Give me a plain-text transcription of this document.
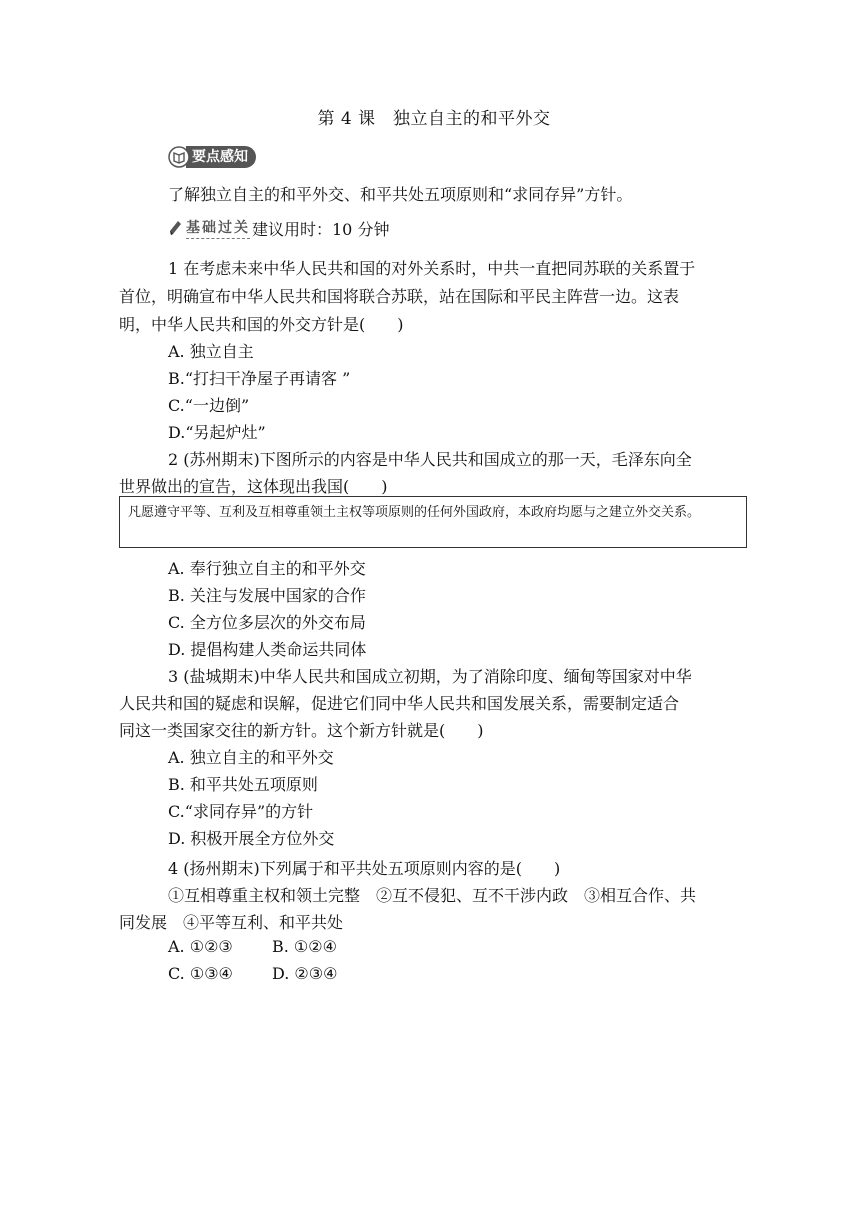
第 4 课　独立自主的和平外交
要点感知
了解独立自主的和平外交、和平共处五项原则和“求同存异”方针。
基础过关 建议用时：10 分钟
1 在考虑未来中华人民共和国的对外关系时，中共一直把同苏联的关系置于
首位，明确宣布中华人民共和国将联合苏联，站在国际和平民主阵营一边。这表
明，中华人民共和国的外交方针是(　　)
A. 独立自主
B.“打扫干净屋子再请客 ”
C.“一边倒”
D.“另起炉灶”
2 (苏州期末)下图所示的内容是中华人民共和国成立的那一天，毛泽东向全
世界做出的宣告，这体现出我国(　　)
凡愿遵守平等、互利及互相尊重领土主权等项原则的任何外国政府，本政府均愿与之建立外交关系。
A. 奉行独立自主的和平外交
B. 关注与发展中国家的合作
C. 全方位多层次的外交布局
D. 提倡构建人类命运共同体
3 (盐城期末)中华人民共和国成立初期，为了消除印度、缅甸等国家对中华
人民共和国的疑虑和误解，促进它们同中华人民共和国发展关系，需要制定适合
同这一类国家交往的新方针。这个新方针就是(　　)
A. 独立自主的和平外交
B. 和平共处五项原则
C.“求同存异”的方针
D. 积极开展全方位外交
4 (扬州期末)下列属于和平共处五项原则内容的是(　　)
①互相尊重主权和领土完整　②互不侵犯、互不干涉内政　③相互合作、共
同发展　④平等互利、和平共处
A. ①②③ B. ①②④
C. ①③④ D. ②③④
